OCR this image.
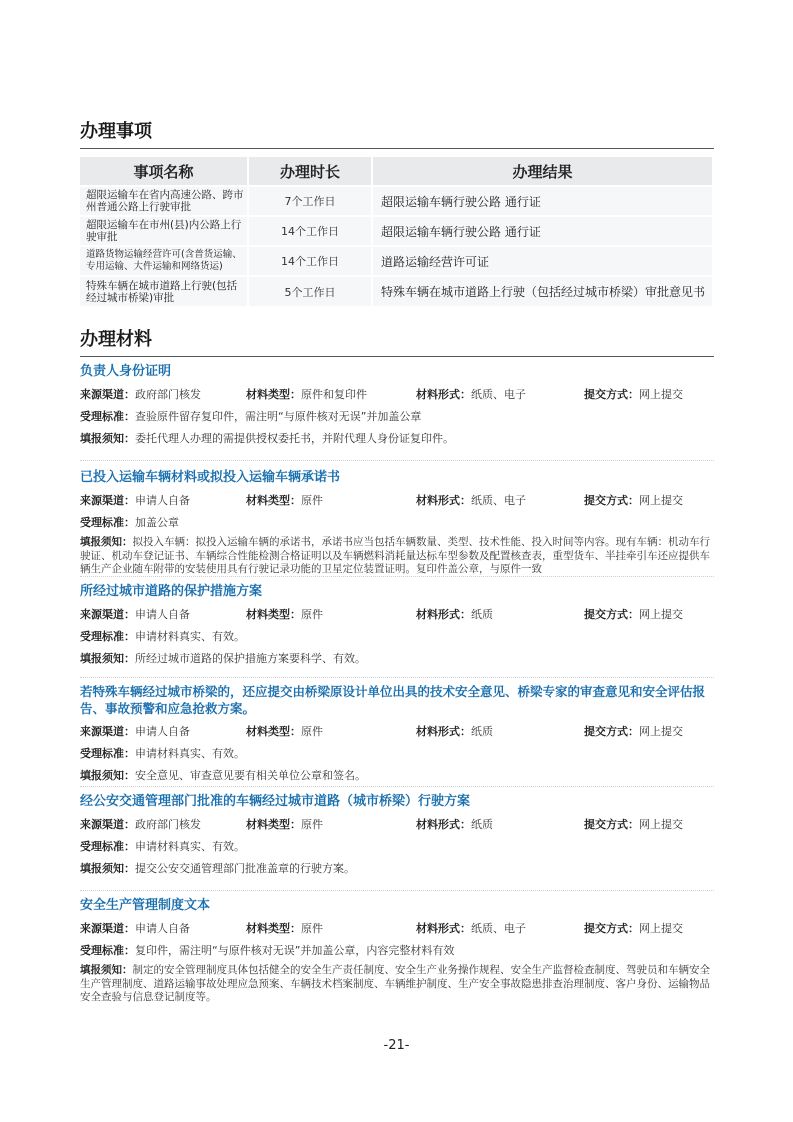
办理事项
事项名称	办理时长	办理结果
超限运输车在省内高速公路、跨市州普通公路上行驶审批	7个工作日	超限运输车辆行驶公路 通行证
超限运输车在市州(县)内公路上行驶审批	14个工作日	超限运输车辆行驶公路 通行证
道路货物运输经营许可(含普货运输、专用运输、大件运输和网络货运)	14个工作日	道路运输经营许可证
特殊车辆在城市道路上行驶(包括经过城市桥梁)审批	5个工作日	特殊车辆在城市道路上行驶（包括经过城市桥梁）审批意见书
办理材料
负责人身份证明
来源渠道： 政府部门核发	材料类型： 原件和复印件	材料形式： 纸质、电子	提交方式： 网上提交
受理标准：查验原件留存复印件，需注明“与原件核对无误”并加盖公章
填报须知：委托代理人办理的需提供授权委托书，并附代理人身份证复印件。
已投入运输车辆材料或拟投入运输车辆承诺书
来源渠道： 申请人自备	材料类型： 原件	材料形式： 纸质、电子	提交方式： 网上提交
受理标准：加盖公章
填报须知：拟投入车辆：拟投入运输车辆的承诺书，承诺书应当包括车辆数量、类型、技术性能、投入时间等内容。现有车辆：机动车行驶证、机动车登记证书、车辆综合性能检测合格证明以及车辆燃料消耗量达标车型参数及配置核查表，重型货车、半挂牵引车还应提供车辆生产企业随车附带的安装使用具有行驶记录功能的卫星定位装置证明。复印件盖公章，与原件一致
所经过城市道路的保护措施方案
来源渠道： 申请人自备	材料类型： 原件	材料形式： 纸质	提交方式： 网上提交
受理标准：申请材料真实、有效。
填报须知：所经过城市道路的保护措施方案要科学、有效。
若特殊车辆经过城市桥梁的，还应提交由桥梁原设计单位出具的技术安全意见、桥梁专家的审查意见和安全评估报告、事故预警和应急抢救方案。
来源渠道： 申请人自备	材料类型： 原件	材料形式： 纸质	提交方式： 网上提交
受理标准：申请材料真实、有效。
填报须知：安全意见、审查意见要有相关单位公章和签名。
经公安交通管理部门批准的车辆经过城市道路（城市桥梁）行驶方案
来源渠道： 政府部门核发	材料类型： 原件	材料形式： 纸质	提交方式： 网上提交
受理标准：申请材料真实、有效。
填报须知：提交公安交通管理部门批准盖章的行驶方案。
安全生产管理制度文本
来源渠道： 申请人自备	材料类型： 原件	材料形式： 纸质、电子	提交方式： 网上提交
受理标准：复印件，需注明“与原件核对无误”并加盖公章，内容完整材料有效
填报须知：制定的安全管理制度具体包括健全的安全生产责任制度、安全生产业务操作规程、安全生产监督检查制度、驾驶员和车辆安全生产管理制度、道路运输事故处理应急预案、车辆技术档案制度、车辆维护制度、生产安全事故隐患排查治理制度、客户身份、运输物品安全查验与信息登记制度等。
-21-
